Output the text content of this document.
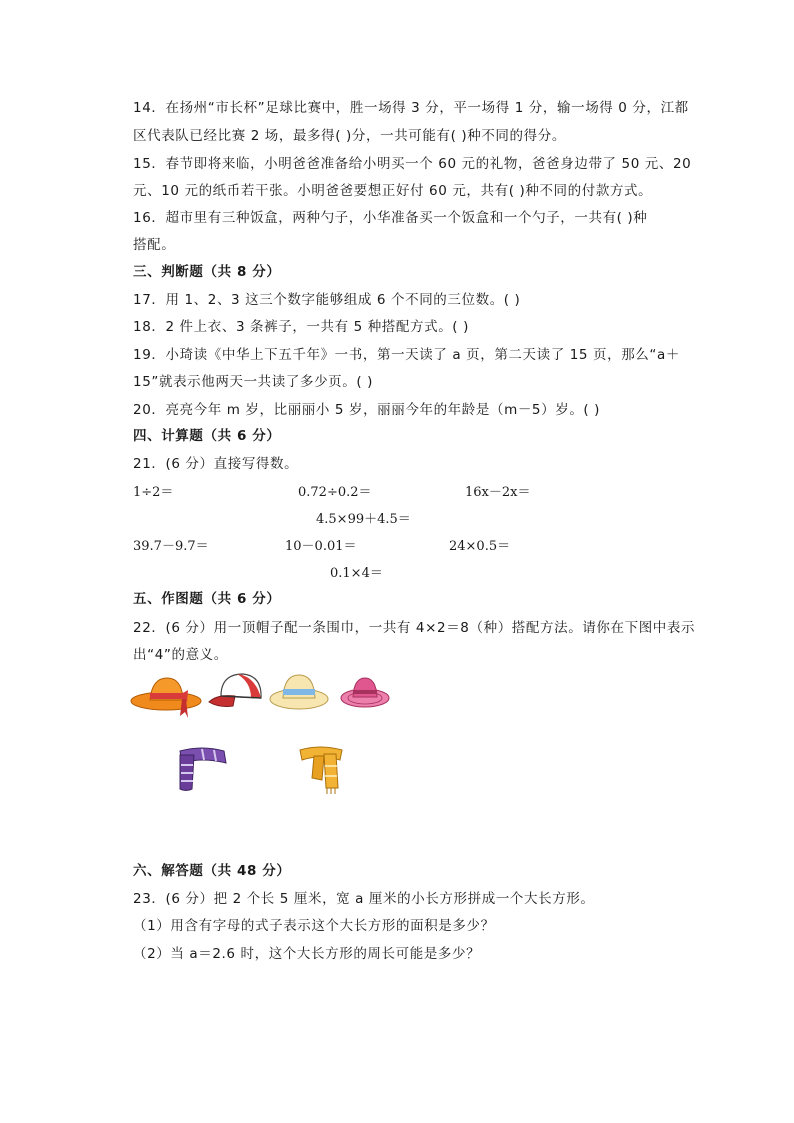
14．在扬州“市长杯”足球比赛中，胜一场得 3 分，平一场得 1 分，输一场得 0 分，江都
区代表队已经比赛 2 场，最多得( )分，一共可能有( )种不同的得分。
15．春节即将来临，小明爸爸准备给小明买一个 60 元的礼物，爸爸身边带了 50 元、20
元、10 元的纸币若干张。小明爸爸要想正好付 60 元，共有( )种不同的付款方式。
16．超市里有三种饭盒，两种勺子，小华准备买一个饭盒和一个勺子，一共有( )种
搭配。
三、判断题（共 8 分）
17．用 1、2、3 这三个数字能够组成 6 个不同的三位数。( )
18．2 件上衣、3 条裤子，一共有 5 种搭配方式。( )
19．小琦读《中华上下五千年》一书，第一天读了 a 页，第二天读了 15 页，那么“a＋
15”就表示他两天一共读了多少页。( )
20．亮亮今年 m 岁，比丽丽小 5 岁，丽丽今年的年龄是（m－5）岁。( )
四、计算题（共 6 分）
21．(6 分）直接写得数。
1÷2＝	0.72÷0.2＝	16x－2x＝
4.5×99＋4.5＝
39.7－9.7＝	10－0.01＝	24×0.5＝
0.1×4＝
五、作图题（共 6 分）
22．(6 分）用一顶帽子配一条围巾，一共有 4×2＝8（种）搭配方法。请你在下图中表示
出“4”的意义。
六、解答题（共 48 分）
23．(6 分）把 2 个长 5 厘米，宽 a 厘米的小长方形拼成一个大长方形。
（1）用含有字母的式子表示这个大长方形的面积是多少？
（2）当 a＝2.6 时，这个大长方形的周长可能是多少？
